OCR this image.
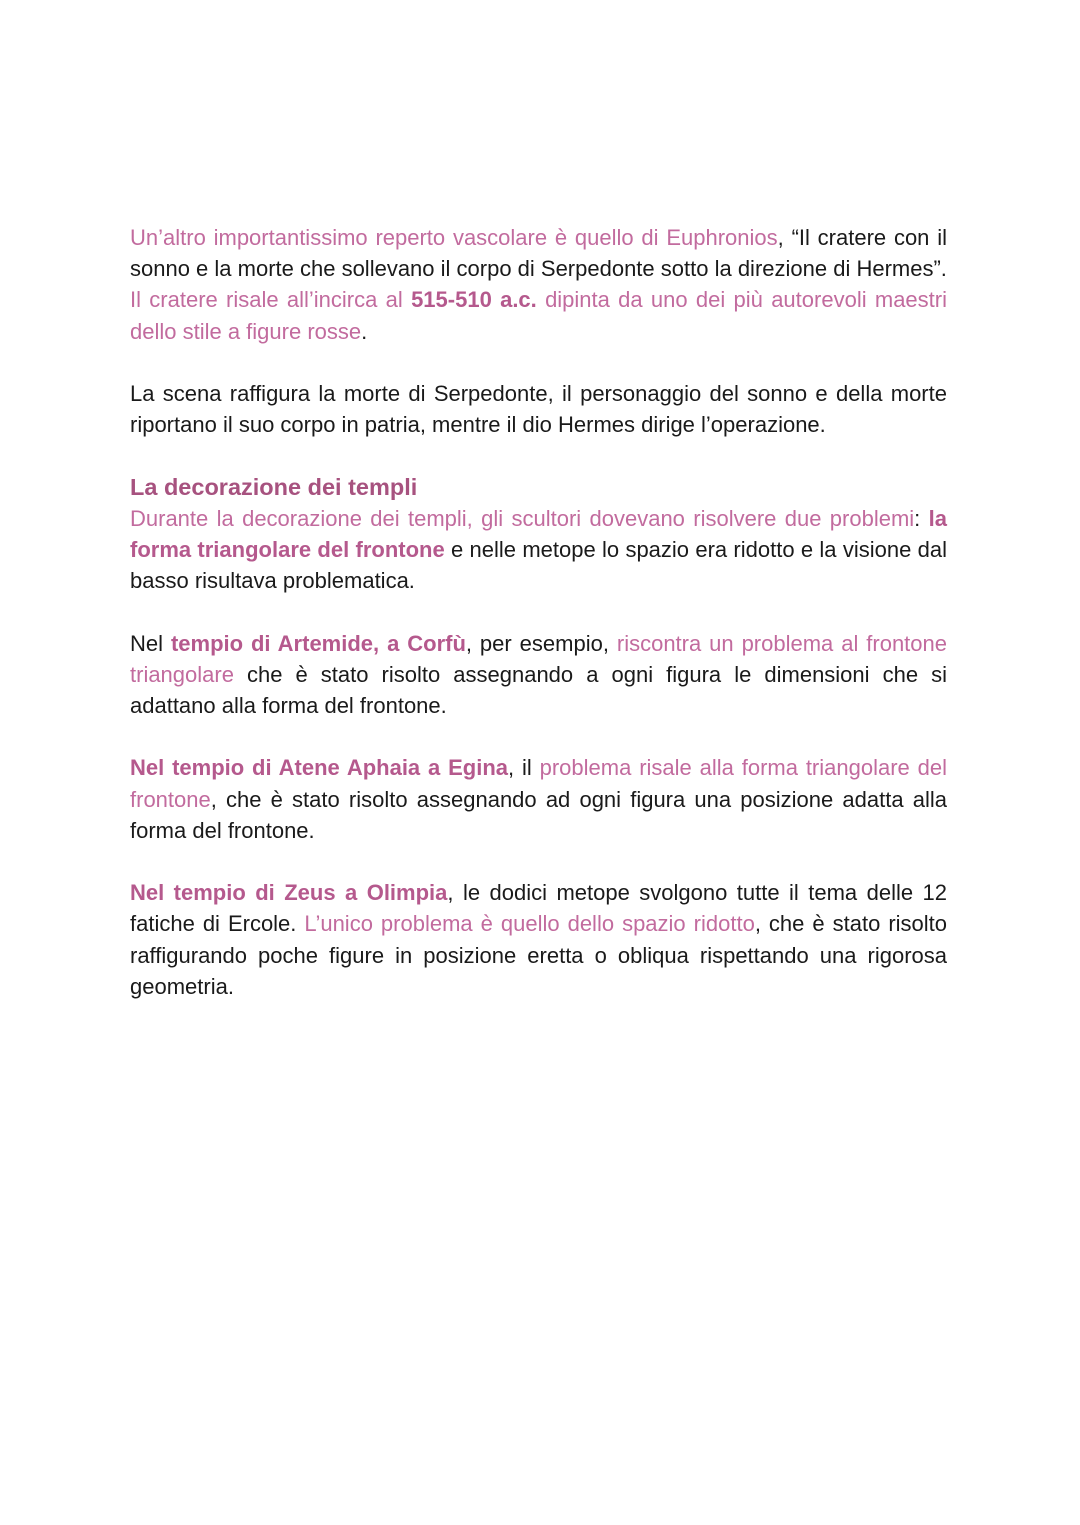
Un’altro importantissimo reperto vascolare è quello di Euphronios, “Il cratere con il sonno e la morte che sollevano il corpo di Serpedonte sotto la direzione di Hermes”.

Il cratere risale all’incirca al 515-510 a.c. dipinta da uno dei più autorevoli maestri dello stile a figure rosse.

La scena raffigura la morte di Serpedonte, il personaggio del sonno e della morte riportano il suo corpo in patria, mentre il dio Hermes dirige l’operazione.

La decorazione dei templi

Durante la decorazione dei templi, gli scultori dovevano risolvere due problemi: la forma triangolare del frontone e nelle metope lo spazio era ridotto e la visione dal basso risultava problematica.

Nel tempio di Artemide, a Corfù, per esempio, riscontra un problema al frontone triangolare che è stato risolto assegnando a ogni figura le dimensioni che si adattano alla forma del frontone.

Nel tempio di Atene Aphaia a Egina, il problema risale alla forma triangolare del frontone, che è stato risolto assegnando ad ogni figura una posizione adatta alla forma del frontone.

Nel tempio di Zeus a Olimpia, le dodici metope svolgono tutte il tema delle 12 fatiche di Ercole. L’unico problema è quello dello spazio ridotto, che è stato risolto raffigurando poche figure in posizione eretta o obliqua rispettando una rigorosa geometria.
